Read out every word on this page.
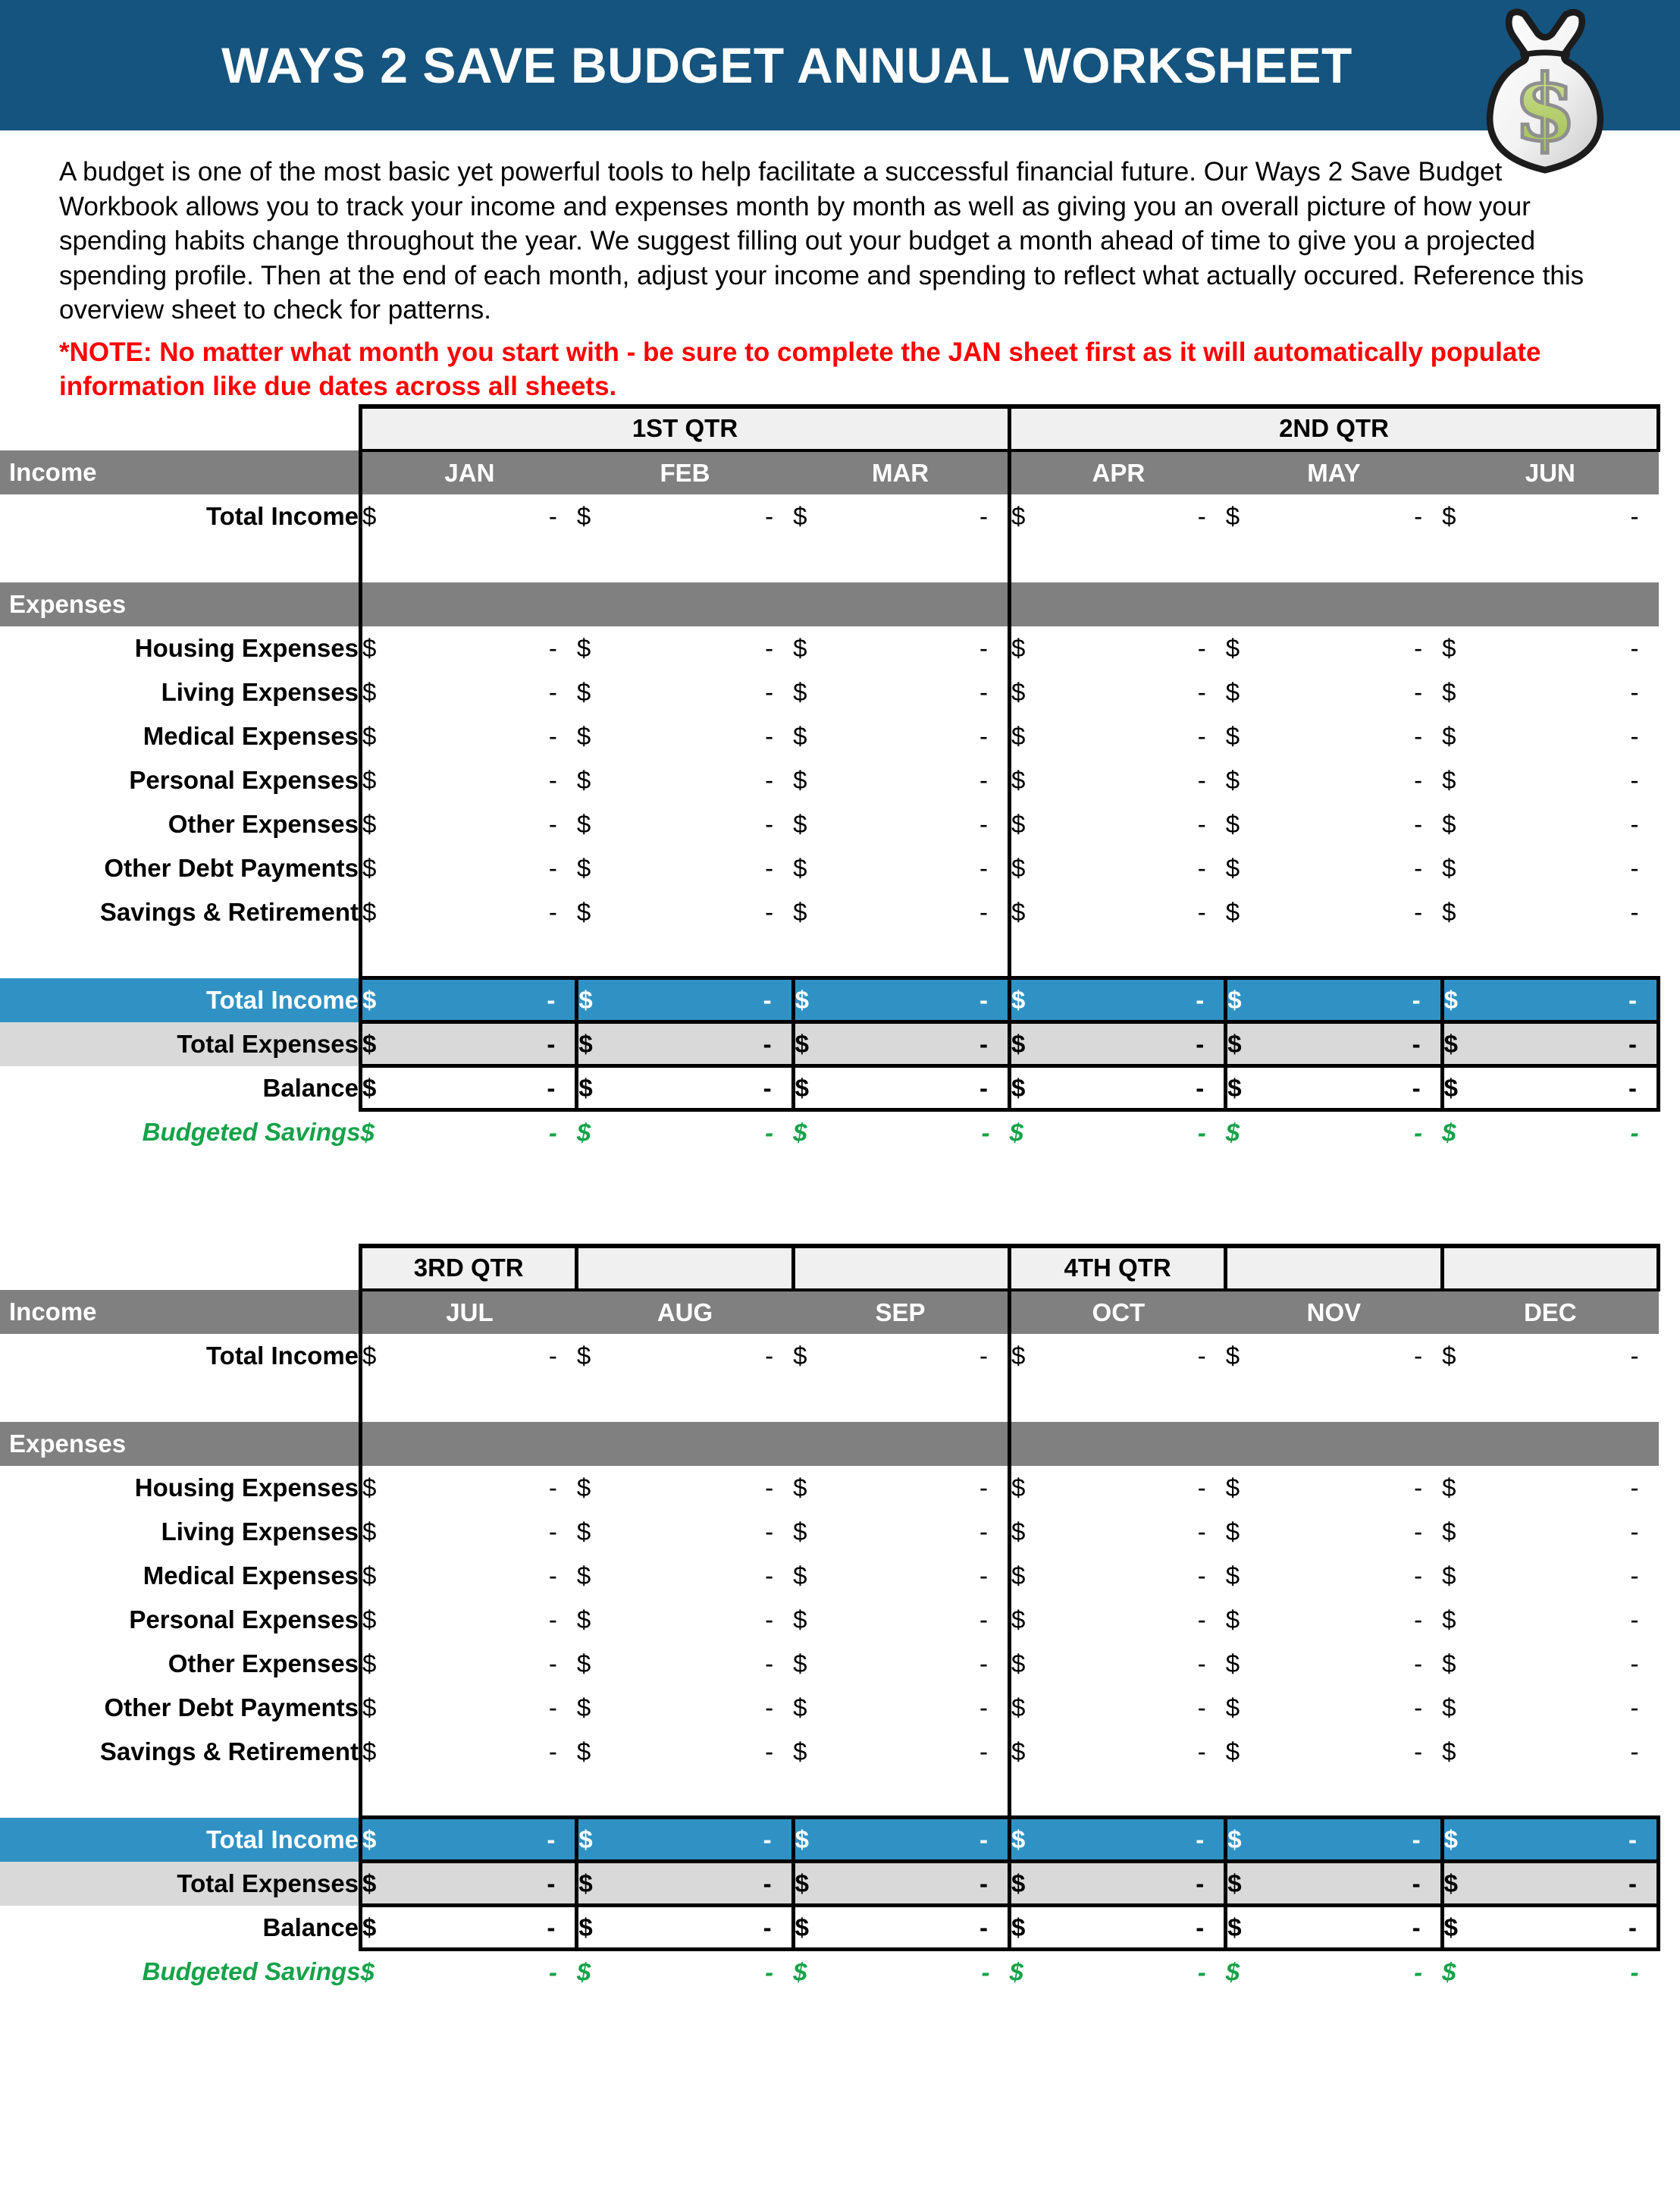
WAYS 2 SAVE BUDGET ANNUAL WORKSHEET	$

A budget is one of the most basic yet powerful tools to help facilitate a successful financial future. Our Ways 2 Save Budget Workbook allows you to track your income and expenses month by month as well as giving you an overall picture of how your spending habits change throughout the year. We suggest filling out your budget a month ahead of time to give you a projected spending profile. Then at the end of each month, adjust your income and spending to reflect what actually occured. Reference this overview sheet to check for patterns.

*NOTE: No matter what month you start with - be sure to complete the JAN sheet first as it will automatically populate information like due dates across all sheets.

	1ST QTR			2ND QTR		
Income	JAN	FEB	MAR	APR	MAY	JUN
Total Income	$ -	$ -	$ -	$ -	$ -	$ -

Expenses						
Housing Expenses	$ -	$ -	$ -	$ -	$ -	$ -

Living Expenses	$ -	$ -	$ -	$ -	$ -	$ -

Medical Expenses	$ -	$ -	$ -	$ -	$ -	$ -

Personal Expenses	$ -	$ -	$ -	$ -	$ -	$ -

Other Expenses	$ -	$ -	$ -	$ -	$ -	$ -

Other Debt Payments	$ -	$ -	$ -	$ -	$ -	$ -

Savings & Retirement	$ -	$ -	$ -	$ -	$ -	$ -

Total Income	$ -	$ -	$ -	$ -	$ -	$ -

Total Expenses	$ -	$ -	$ -	$ -	$ -	$ -

Balance	$ -	$ -	$ -	$ -	$ -	$ -

Budgeted Savings	$ -	$ -	$ -	$ -	$ -	$ -
	3RD QTR			4TH QTR		
Income	JUL	AUG	SEP	OCT	NOV	DEC
Total Income	$ -	$ -	$ -	$ -	$ -	$ -

Expenses						
Housing Expenses	$ -	$ -	$ -	$ -	$ -	$ -

Living Expenses	$ -	$ -	$ -	$ -	$ -	$ -

Medical Expenses	$ -	$ -	$ -	$ -	$ -	$ -

Personal Expenses	$ -	$ -	$ -	$ -	$ -	$ -

Other Expenses	$ -	$ -	$ -	$ -	$ -	$ -

Other Debt Payments	$ -	$ -	$ -	$ -	$ -	$ -

Savings & Retirement	$ -	$ -	$ -	$ -	$ -	$ -

Total Income	$ -	$ -	$ -	$ -	$ -	$ -

Total Expenses	$ -	$ -	$ -	$ -	$ -	$ -

Balance	$ -	$ -	$ -	$ -	$ -	$ -

Budgeted Savings	$ -	$ -	$ -	$ -	$ -	$ -
